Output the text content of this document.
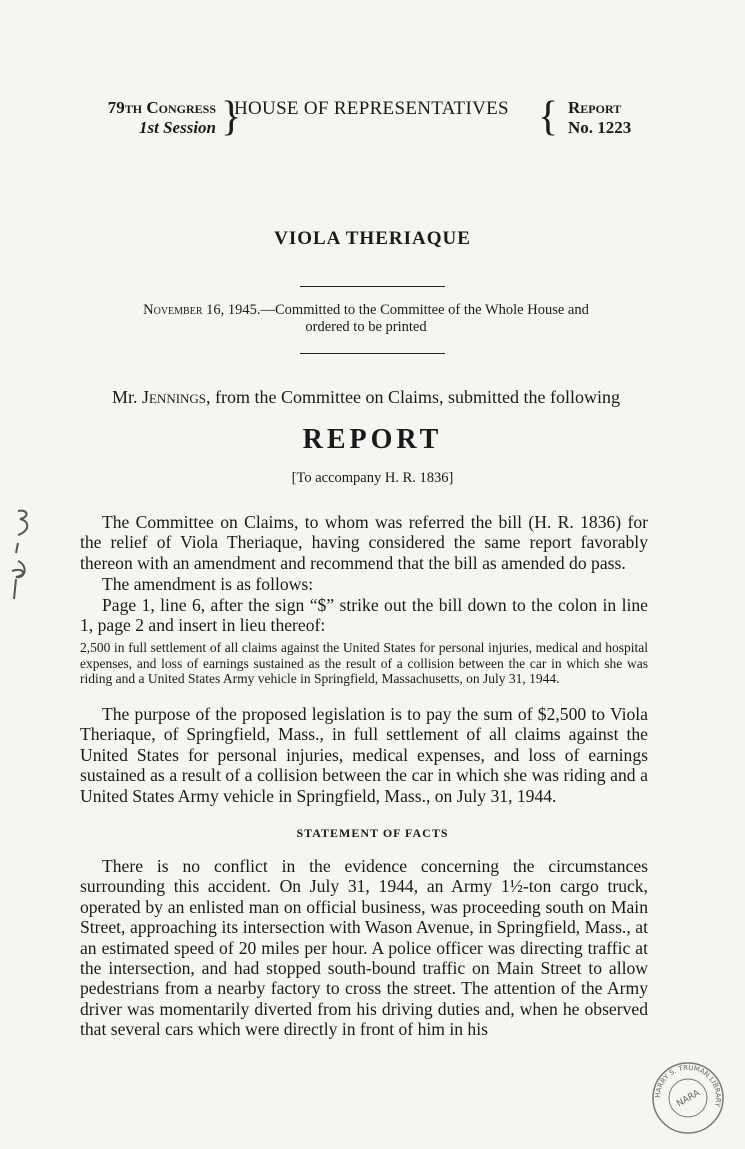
79th Congress
1st Session }
HOUSE OF REPRESENTATIVES { Report
No. 1223
VIOLA THERIAQUE
November 16, 1945.—Committed to the Committee of the Whole House and
ordered to be printed
Mr. Jennings, from the Committee on Claims, submitted the following
REPORT
[To accompany H. R. 1836]
The Committee on Claims, to whom was referred the bill (H. R. 1836) for the relief of Viola Theriaque, having considered the same report favorably thereon with an amendment and recommend that the bill as amended do pass.
The amendment is as follows:
Page 1, line 6, after the sign “$” strike out the bill down to the colon in line 1, page 2 and insert in lieu thereof:
2,500 in full settlement of all claims against the United States for personal injuries, medical and hospital expenses, and loss of earnings sustained as the result of a collision between the car in which she was riding and a United States Army vehicle in Springfield, Massachusetts, on July 31, 1944.
The purpose of the proposed legislation is to pay the sum of $2,500 to Viola Theriaque, of Springfield, Mass., in full settlement of all claims against the United States for personal injuries, medical expenses, and loss of earnings sustained as a result of a collision between the car in which she was riding and a United States Army vehicle in Springfield, Mass., on July 31, 1944.
STATEMENT OF FACTS
There is no conflict in the evidence concerning the circumstances surrounding this accident. On July 31, 1944, an Army 1½-ton cargo truck, operated by an enlisted man on official business, was proceeding south on Main Street, approaching its intersection with Wason Avenue, in Springfield, Mass., at an estimated speed of 20 miles per hour. A police officer was directing traffic at the intersection, and had stopped south-bound traffic on Main Street to allow pedestrians from a nearby factory to cross the street. The attention of the Army driver was momentarily diverted from his driving duties and, when he observed that several cars which were directly in front of him in his
HARRY S. TRUMAN LIBRARY
NARA
